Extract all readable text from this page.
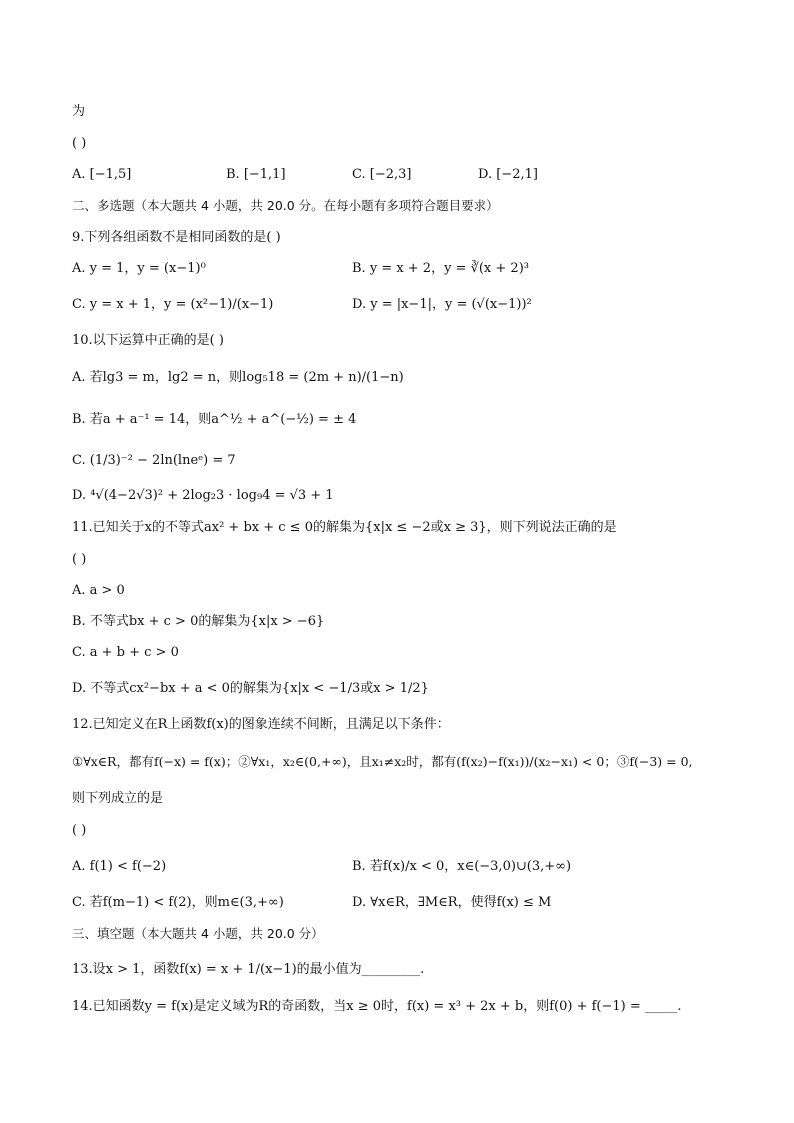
为
( )
A. [−1,5]	B. [−1,1]	C. [−2,3]	D. [−2,1]
二、多选题（本大题共 4 小题，共 20.0 分。在每小题有多项符合题目要求）
9.下列各组函数不是相同函数的是( )
A. y = 1，y = (x−1)⁰	B. y = x + 2，y = ∛(x + 2)³
C. y = x + 1，y = (x²−1)/(x−1)	D. y = |x−1|，y = (√(x−1))²
10.以下运算中正确的是( )
A. 若lg3 = m，lg2 = n，则log₅18 = (2m + n)/(1−n)
B. 若a + a⁻¹ = 14，则a^½ + a^(−½) = ± 4
C. (1/3)⁻² − 2ln(lneᵉ) = 7
D. ⁴√(4−2√3)² + 2log₂3 · log₉4 = √3 + 1
11.已知关于x的不等式ax² + bx + c ≤ 0的解集为{x|x ≤ −2或x ≥ 3}，则下列说法正确的是
( )
A. a > 0
B. 不等式bx + c > 0的解集为{x|x > −6}
C. a + b + c > 0
D. 不等式cx²−bx + a < 0的解集为{x|x < −1/3或x > 1/2}
12.已知定义在R上函数f(x)的图象连续不间断，且满足以下条件：
①∀x∈R，都有f(−x) = f(x)；②∀x₁，x₂∈(0,+∞)，且x₁≠x₂时，都有(f(x₂)−f(x₁))/(x₂−x₁) < 0；③f(−3) = 0,
则下列成立的是
( )
A. f(1) < f(−2)	B. 若f(x)/x < 0，x∈(−3,0)∪(3,+∞)
C. 若f(m−1) < f(2)，则m∈(3,+∞)	D. ∀x∈R，∃M∈R，使得f(x) ≤ M
三、填空题（本大题共 4 小题，共 20.0 分）
13.设x > 1，函数f(x) = x + 1/(x−1)的最小值为_________.
14.已知函数y = f(x)是定义域为R的奇函数，当x ≥ 0时，f(x) = x³ + 2x + b，则f(0) + f(−1) = _____.
